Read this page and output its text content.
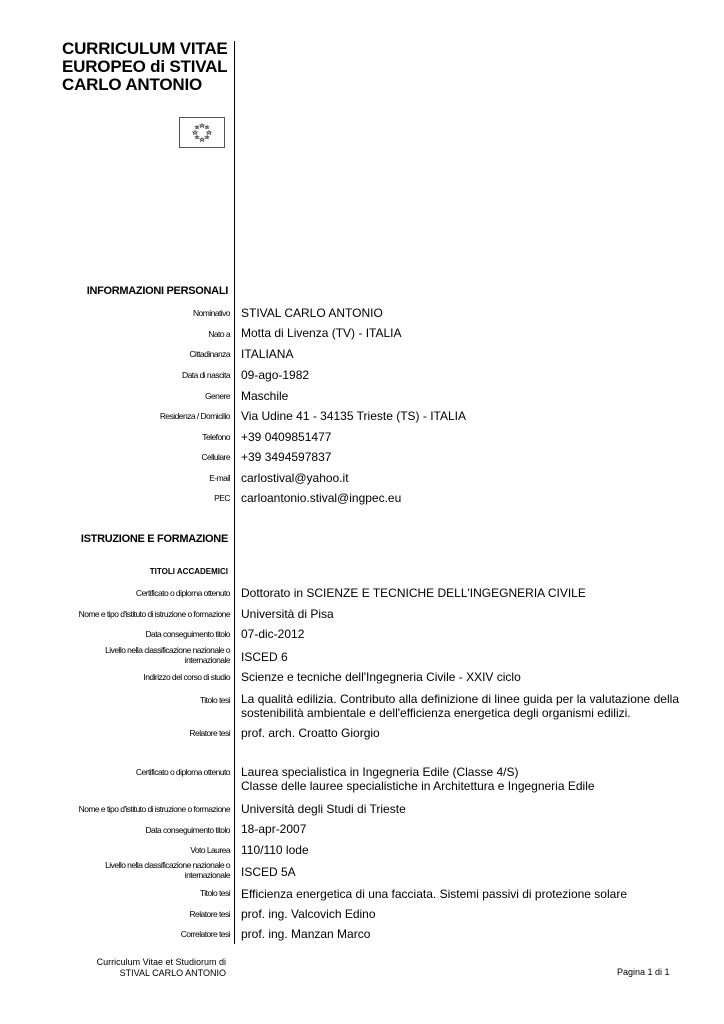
CURRICULUM VITAE EUROPEO di STIVAL CARLO ANTONIO
INFORMAZIONI PERSONALI
Nominativo STIVAL CARLO ANTONIO
Nato a Motta di Livenza (TV) - ITALIA
Cittadinanza ITALIANA
Data di nascita 09-ago-1982
Genere Maschile
Residenza / Domicilio Via Udine 41 - 34135 Trieste (TS) - ITALIA
Telefono +39 0409851477
Cellulare +39 3494597837
E-mail carlostival@yahoo.it
PEC carloantonio.stival@ingpec.eu
ISTRUZIONE E FORMAZIONE
TITOLI ACCADEMICI
Certificato o diploma ottenuto Dottorato in SCIENZE E TECNICHE DELL'INGEGNERIA CIVILE
Nome e tipo d'istituto di istruzione o formazione Università di Pisa
Data conseguimento titolo 07-dic-2012
Livello nella classificazione nazionale o internazionale ISCED 6
Indirizzo del corso di studio Scienze e tecniche dell'Ingegneria Civile - XXIV ciclo
Titolo tesi La qualità edilizia. Contributo alla definizione di linee guida per la valutazione della sostenibilità ambientale e dell'efficienza energetica degli organismi edilizi.
Relatore tesi prof. arch. Croatto Giorgio
Certificato o diploma ottenuto Laurea specialistica in Ingegneria Edile (Classe 4/S)
Classe delle lauree specialistiche in Architettura e Ingegneria Edile
Nome e tipo d'istituto di istruzione o formazione Università degli Studi di Trieste
Data conseguimento titolo 18-apr-2007
Voto Laurea 110/110 lode
Livello nella classificazione nazionale o internazionale ISCED 5A
Titolo tesi Efficienza energetica di una facciata. Sistemi passivi di protezione solare
Relatore tesi prof. ing. Valcovich Edino
Correlatore tesi prof. ing. Manzan Marco
Curriculum Vitae et Studiorum di
STIVAL CARLO ANTONIO	Pagina 1 di 1
